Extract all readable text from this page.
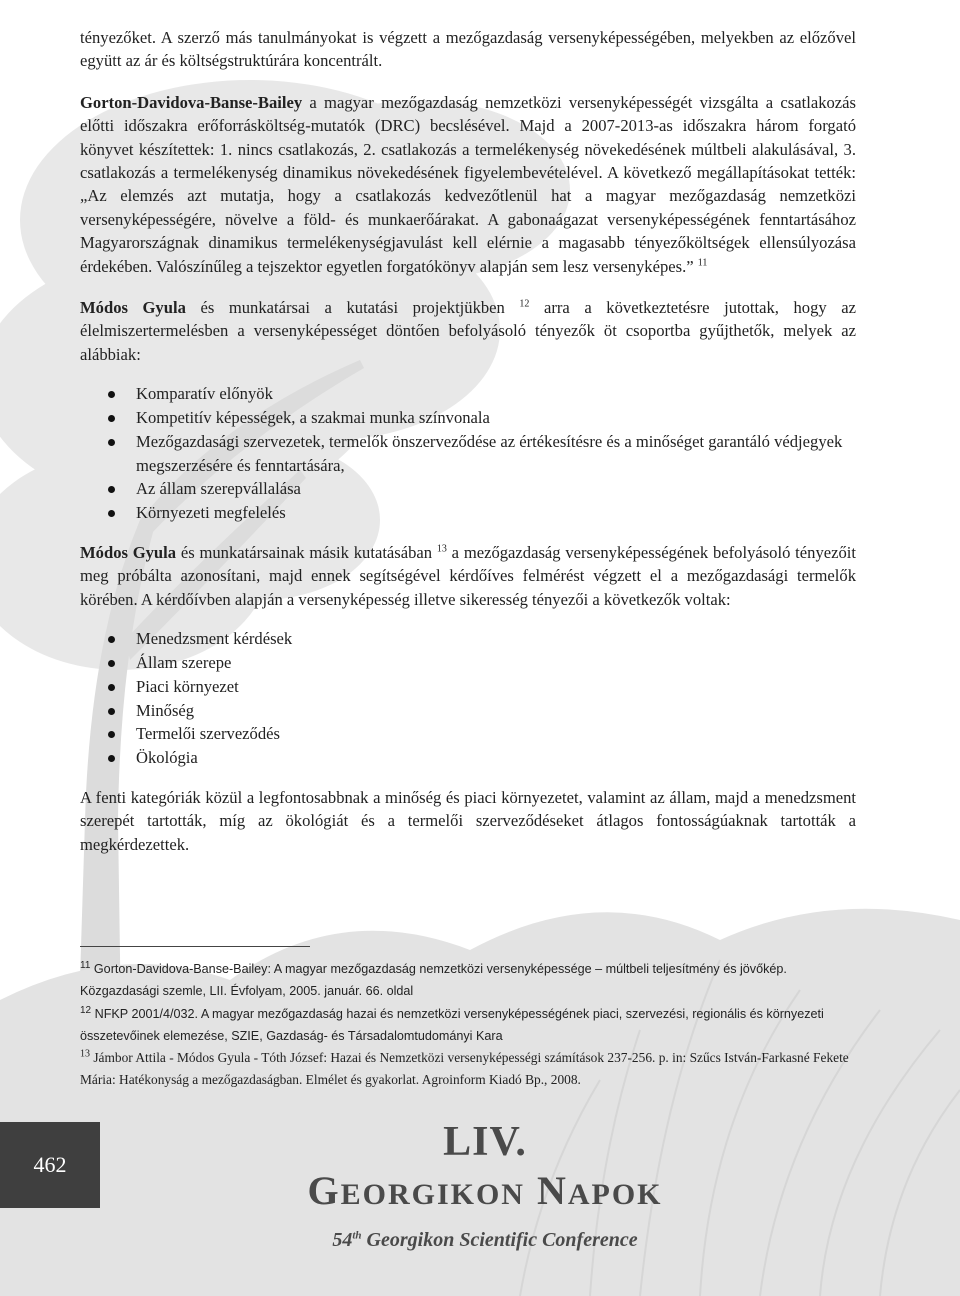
tényezőket. A szerző más tanulmányokat is végzett a mezőgazdaság versenyképességében, melyekben az előzővel együtt az ár és költségstruktúrára koncentrált.

Gorton-Davidova-Banse-Bailey a magyar mezőgazdaság nemzetközi versenyképességét vizsgálta a csatlakozás előtti időszakra erőforrásköltség-mutatók (DRC) becslésével. Majd a 2007-2013-as időszakra három forgató könyvet készítettek: 1. nincs csatlakozás, 2. csatlakozás a termelékenység növekedésének múltbeli alakulásával, 3. csatlakozás a termelékenység dinamikus növekedésének figyelembevételével. A következő megállapításokat tették: „Az elemzés azt mutatja, hogy a csatlakozás kedvezőtlenül hat a magyar mezőgazdaság nemzetközi versenyképességére, növelve a föld- és munkaerőárakat. A gabonaágazat versenyképességének fenntartásához Magyarországnak dinamikus termelékenységjavulást kell elérnie a magasabb tényezőköltségek ellensúlyozása érdekében. Valószínűleg a tejszektor egyetlen forgatókönyv alapján sem lesz versenyképes.” $^{11}$

Módos Gyula és munkatársai a kutatási projektjükben $^{12}$ arra a következtetésre jutottak, hogy az élelmiszertermelésben a versenyképességet döntően befolyásoló tényezők öt csoportba gyűjthetők, melyek az alábbiak:

Komparatív előnyök
Kompetitív képességek, a szakmai munka színvonala
Mezőgazdasági szervezetek, termelők önszerveződése az értékesítésre és a minőséget garantáló védjegyek megszerzésére és fenntartására,
Az állam szerepvállalása
Környezeti megfelelés

Módos Gyula és munkatársainak másik kutatásában $^{13}$ a mezőgazdaság versenyképességének befolyásoló tényezőit meg próbálta azonosítani, majd ennek segítségével kérdőíves felmérést végzett el a mezőgazdasági termelők körében. A kérdőívben alapján a versenyképesség illetve sikeresség tényezői a következők voltak:

Menedzsment kérdések
Állam szerepe
Piaci környezet
Minőség
Termelői szerveződés
Ökológia

A fenti kategóriák közül a legfontosabbnak a minőség és piaci környezetet, valamint az állam, majd a menedzsment szerepét tartották, míg az ökológiát és a termelői szerveződéseket átlagos fontosságúaknak tartották a megkérdezettek.

$^{11}$ Gorton-Davidova-Banse-Bailey: A magyar mezőgazdaság nemzetközi versenyképessége – múltbeli teljesítmény és jövőkép. Közgazdasági szemle, LII. Évfolyam, 2005. január. 66. oldal

$^{12}$ NFKP 2001/4/032. A magyar mezőgazdaság hazai és nemzetközi versenyképességének piaci, szervezési, regionális és környezeti összetevőinek elemezése, SZIE, Gazdaság- és Társadalomtudományi Kara

$^{13}$ Jámbor Attila - Módos Gyula - Tóth József: Hazai és Nemzetközi versenyképességi számítások 237-256. p. in: Szűcs István-Farkasné Fekete Mária: Hatékonyság a mezőgazdaságban. Elmélet és gyakorlat. Agroinform Kiadó Bp., 2008.

462	LIV.
GEORGIKON NAPOK
54th Georgikon Scientific Conference
